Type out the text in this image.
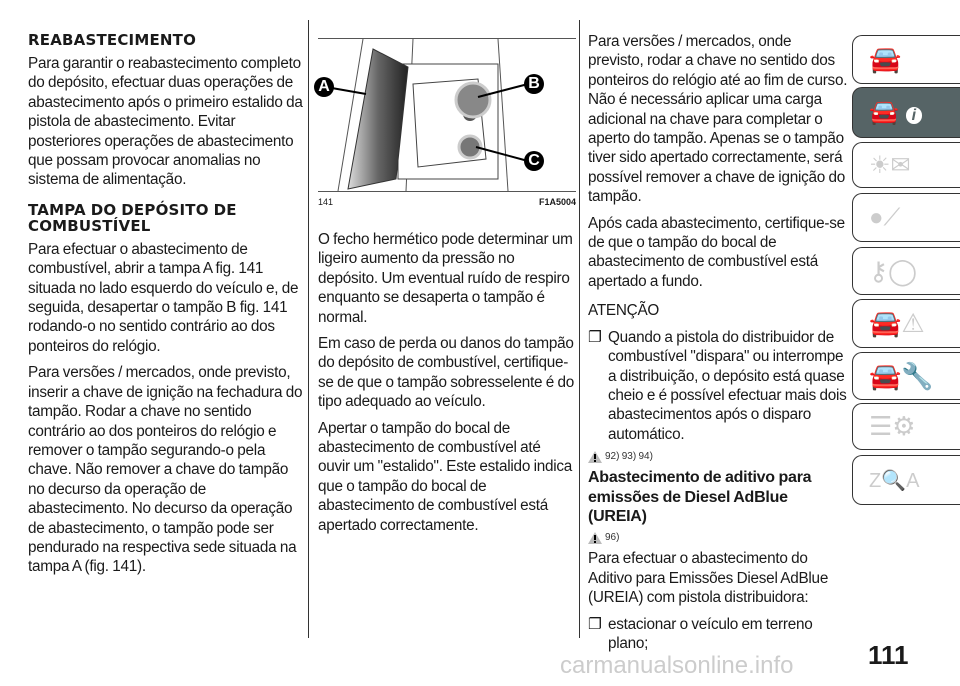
REABASTECIMENTO

Para garantir o reabastecimento completo do depósito, efectuar duas operações de abastecimento após o primeiro estalido da pistola de abastecimento. Evitar posteriores operações de abastecimento que possam provocar anomalias no sistema de alimentação.

TAMPA DO DEPÓSITO DE COMBUSTÍVEL

Para efectuar o abastecimento de combustível, abrir a tampa A fig. 141 situada no lado esquerdo do veículo e, de seguida, desapertar o tampão B fig. 141 rodando-o no sentido contrário ao dos ponteiros do relógio.

Para versões / mercados, onde previsto, inserir a chave de ignição na fechadura do tampão. Rodar a chave no sentido contrário ao dos ponteiros do relógio e remover o tampão segurando-o pela chave. Não remover a chave do tampão no decurso da operação de abastecimento. No decurso da operação de abastecimento, o tampão pode ser pendurado na respectiva sede situada na tampa A (fig. 141).

A	B
C
141	F1A5004

O fecho hermético pode determinar um ligeiro aumento da pressão no depósito. Um eventual ruído de respiro enquanto se desaperta o tampão é normal.

Em caso de perda ou danos do tampão do depósito de combustível, certifique-se de que o tampão sobresselente é do tipo adequado ao veículo.

Apertar o tampão do bocal de abastecimento de combustível até ouvir um "estalido". Este estalido indica que o tampão do bocal de abastecimento de combustível está apertado correctamente.

Para versões / mercados, onde previsto, rodar a chave no sentido dos ponteiros do relógio até ao fim de curso. Não é necessário aplicar uma carga adicional na chave para completar o aperto do tampão. Apenas se o tampão tiver sido apertado correctamente, será possível remover a chave de ignição do tampão.

Após cada abastecimento, certifique-se de que o tampão do bocal de abastecimento de combustível está apertado a fundo.

ATENÇÃO

❐ Quando a pistola do distribuidor de combustível "dispara" ou interrompe a distribuição, o depósito está quase cheio e é possível efectuar mais dois abastecimentos após o disparo automático.
92) 93) 94)
Abastecimento de aditivo para emissões de Diesel AdBlue (UREIA)
96)

Para efectuar o abastecimento do Aditivo para Emissões Diesel AdBlue (UREIA) com pistola distribuidora:

❐ estacionar o veículo em terreno plano;
🚘
🚘 i
☀✉
●⟋
⚷◯
🚘⚠
🚘🔧
☰⚙
Z🔍A
carmanualsonline.info	111
